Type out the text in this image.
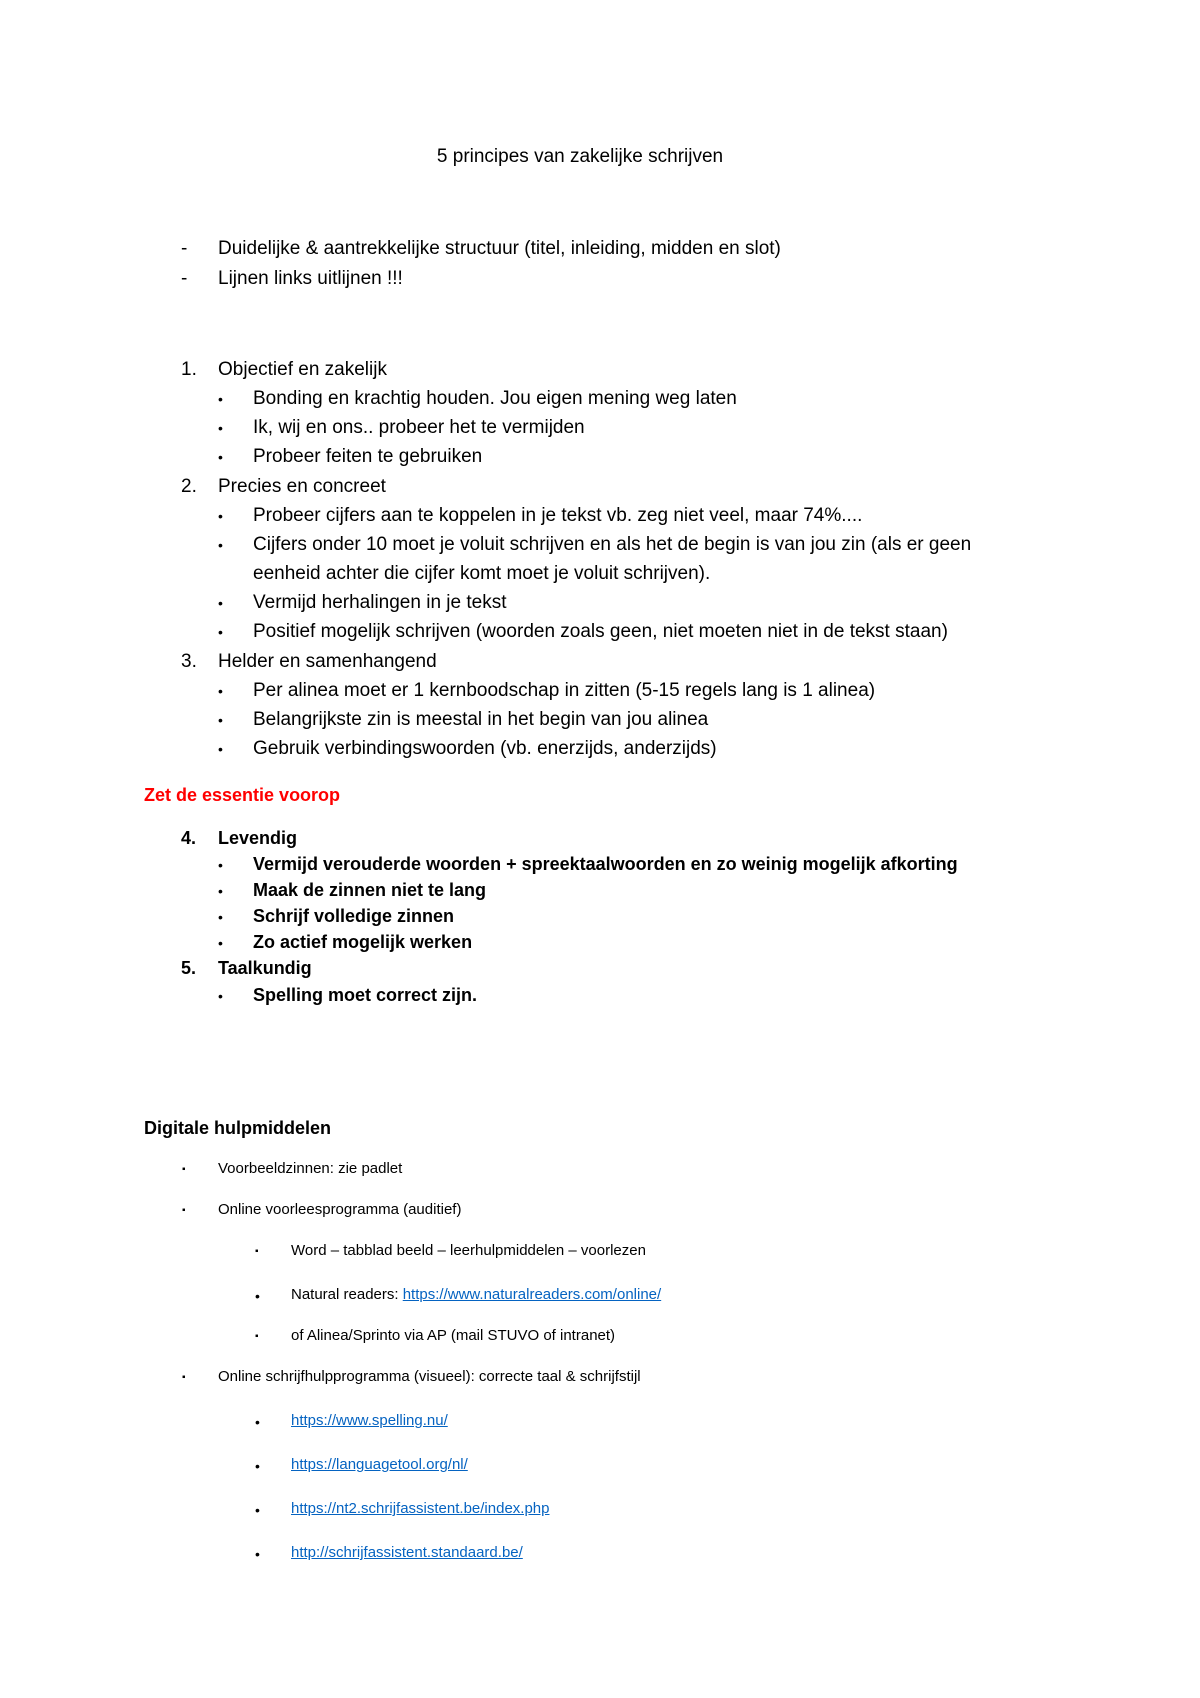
5 principes van zakelijke schrijven
- Duidelijke & aantrekkelijke structuur (titel, inleiding, midden en slot)
- Lijnen links uitlijnen !!!
1. Objectief en zakelijk
• Bonding en krachtig houden. Jou eigen mening weg laten
• Ik, wij en ons.. probeer het te vermijden
• Probeer feiten te gebruiken
2. Precies en concreet
• Probeer cijfers aan te koppelen in je tekst vb. zeg niet veel, maar 74%....
• Cijfers onder 10 moet je voluit schrijven en als het de begin is van jou zin (als er geen
eenheid achter die cijfer komt moet je voluit schrijven).
• Vermijd herhalingen in je tekst
• Positief mogelijk schrijven (woorden zoals geen, niet moeten niet in de tekst staan)
3. Helder en samenhangend
• Per alinea moet er 1 kernboodschap in zitten (5-15 regels lang is 1 alinea)
• Belangrijkste zin is meestal in het begin van jou alinea
• Gebruik verbindingswoorden (vb. enerzijds, anderzijds)
Zet de essentie voorop
4. Levendig
• Vermijd verouderde woorden + spreektaalwoorden en zo weinig mogelijk afkorting
• Maak de zinnen niet te lang
• Schrijf volledige zinnen
• Zo actief mogelijk werken
5. Taalkundig
• Spelling moet correct zijn.
Digitale hulpmiddelen
▪ Voorbeeldzinnen: zie padlet
▪ Online voorleesprogramma (auditief)
▪ Word – tabblad beeld – leerhulpmiddelen – voorlezen
• Natural readers: https://www.naturalreaders.com/online/
▪ of Alinea/Sprinto via AP (mail STUVO of intranet)
▪ Online schrijfhulpprogramma (visueel): correcte taal & schrijfstijl
• https://www.spelling.nu/
• https://languagetool.org/nl/
• https://nt2.schrijfassistent.be/index.php
• http://schrijfassistent.standaard.be/
